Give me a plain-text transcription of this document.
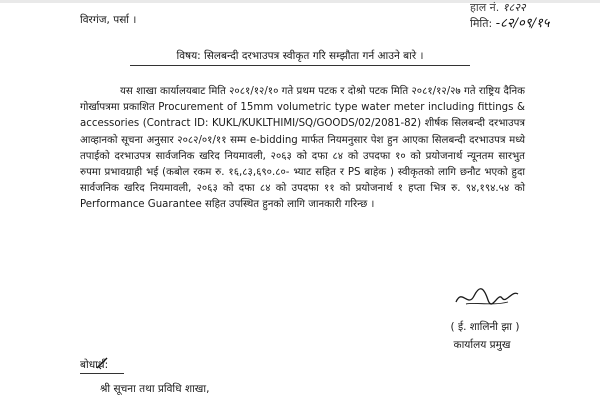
विरगंज, पर्सा ।
हाल नं. १८२२
मिति: -८२/०९/१५
विषय: सिलबन्दी दरभाउपत्र स्वीकृत गरि सम्झौता गर्न आउने बारे ।

यस शाखा कार्यालयबाट मिति २०८१/१२/१० गते प्रथम पटक र दोश्रो पटक मिति २०८१/१२/२७ गते राष्ट्रिय दैनिक गोर्खापत्रमा प्रकाशित Procurement of 15mm volumetric type water meter including fittings & accessories (Contract ID: KUKL/KUKLTHIMI/SQ/GOODS/02/2081-82) शीर्षक सिलबन्दी दरभाउपत्र आव्हानको सूचना अनुसार २०८२/०१/११ सम्म e-bidding मार्फत नियमनुसार पेश हुन आएका सिलबन्दी दरभाउपत्र मध्ये तपाईको दरभाउपत्र सार्वजनिक खरिद नियमावली, २०६३ को दफा ८४ को उपदफा १० को प्रयोजनार्थ न्यूनतम सारभुत रुपमा प्रभावग्राही भई (कबोल रकम रु. १६,८३,६९०.८०- भ्याट सहित र PS बाहेक ) स्वीकृतको लागि छनौट भएको हुदा सार्वजनिक खरिद नियमावली, २०६३ को दफा ८४ को उपदफा ११ को प्रयोजनार्थ १ हप्ता भित्र रु. ९४,१९४.५४ को Performance Guarantee सहित उपस्थित हुनको लागि जानकारी गरिन्छ ।

( ई. शालिनी झा )
कार्यालय प्रमुख
बोधार्थ:
श्री सूचना तथा प्रविधि शाखा,
